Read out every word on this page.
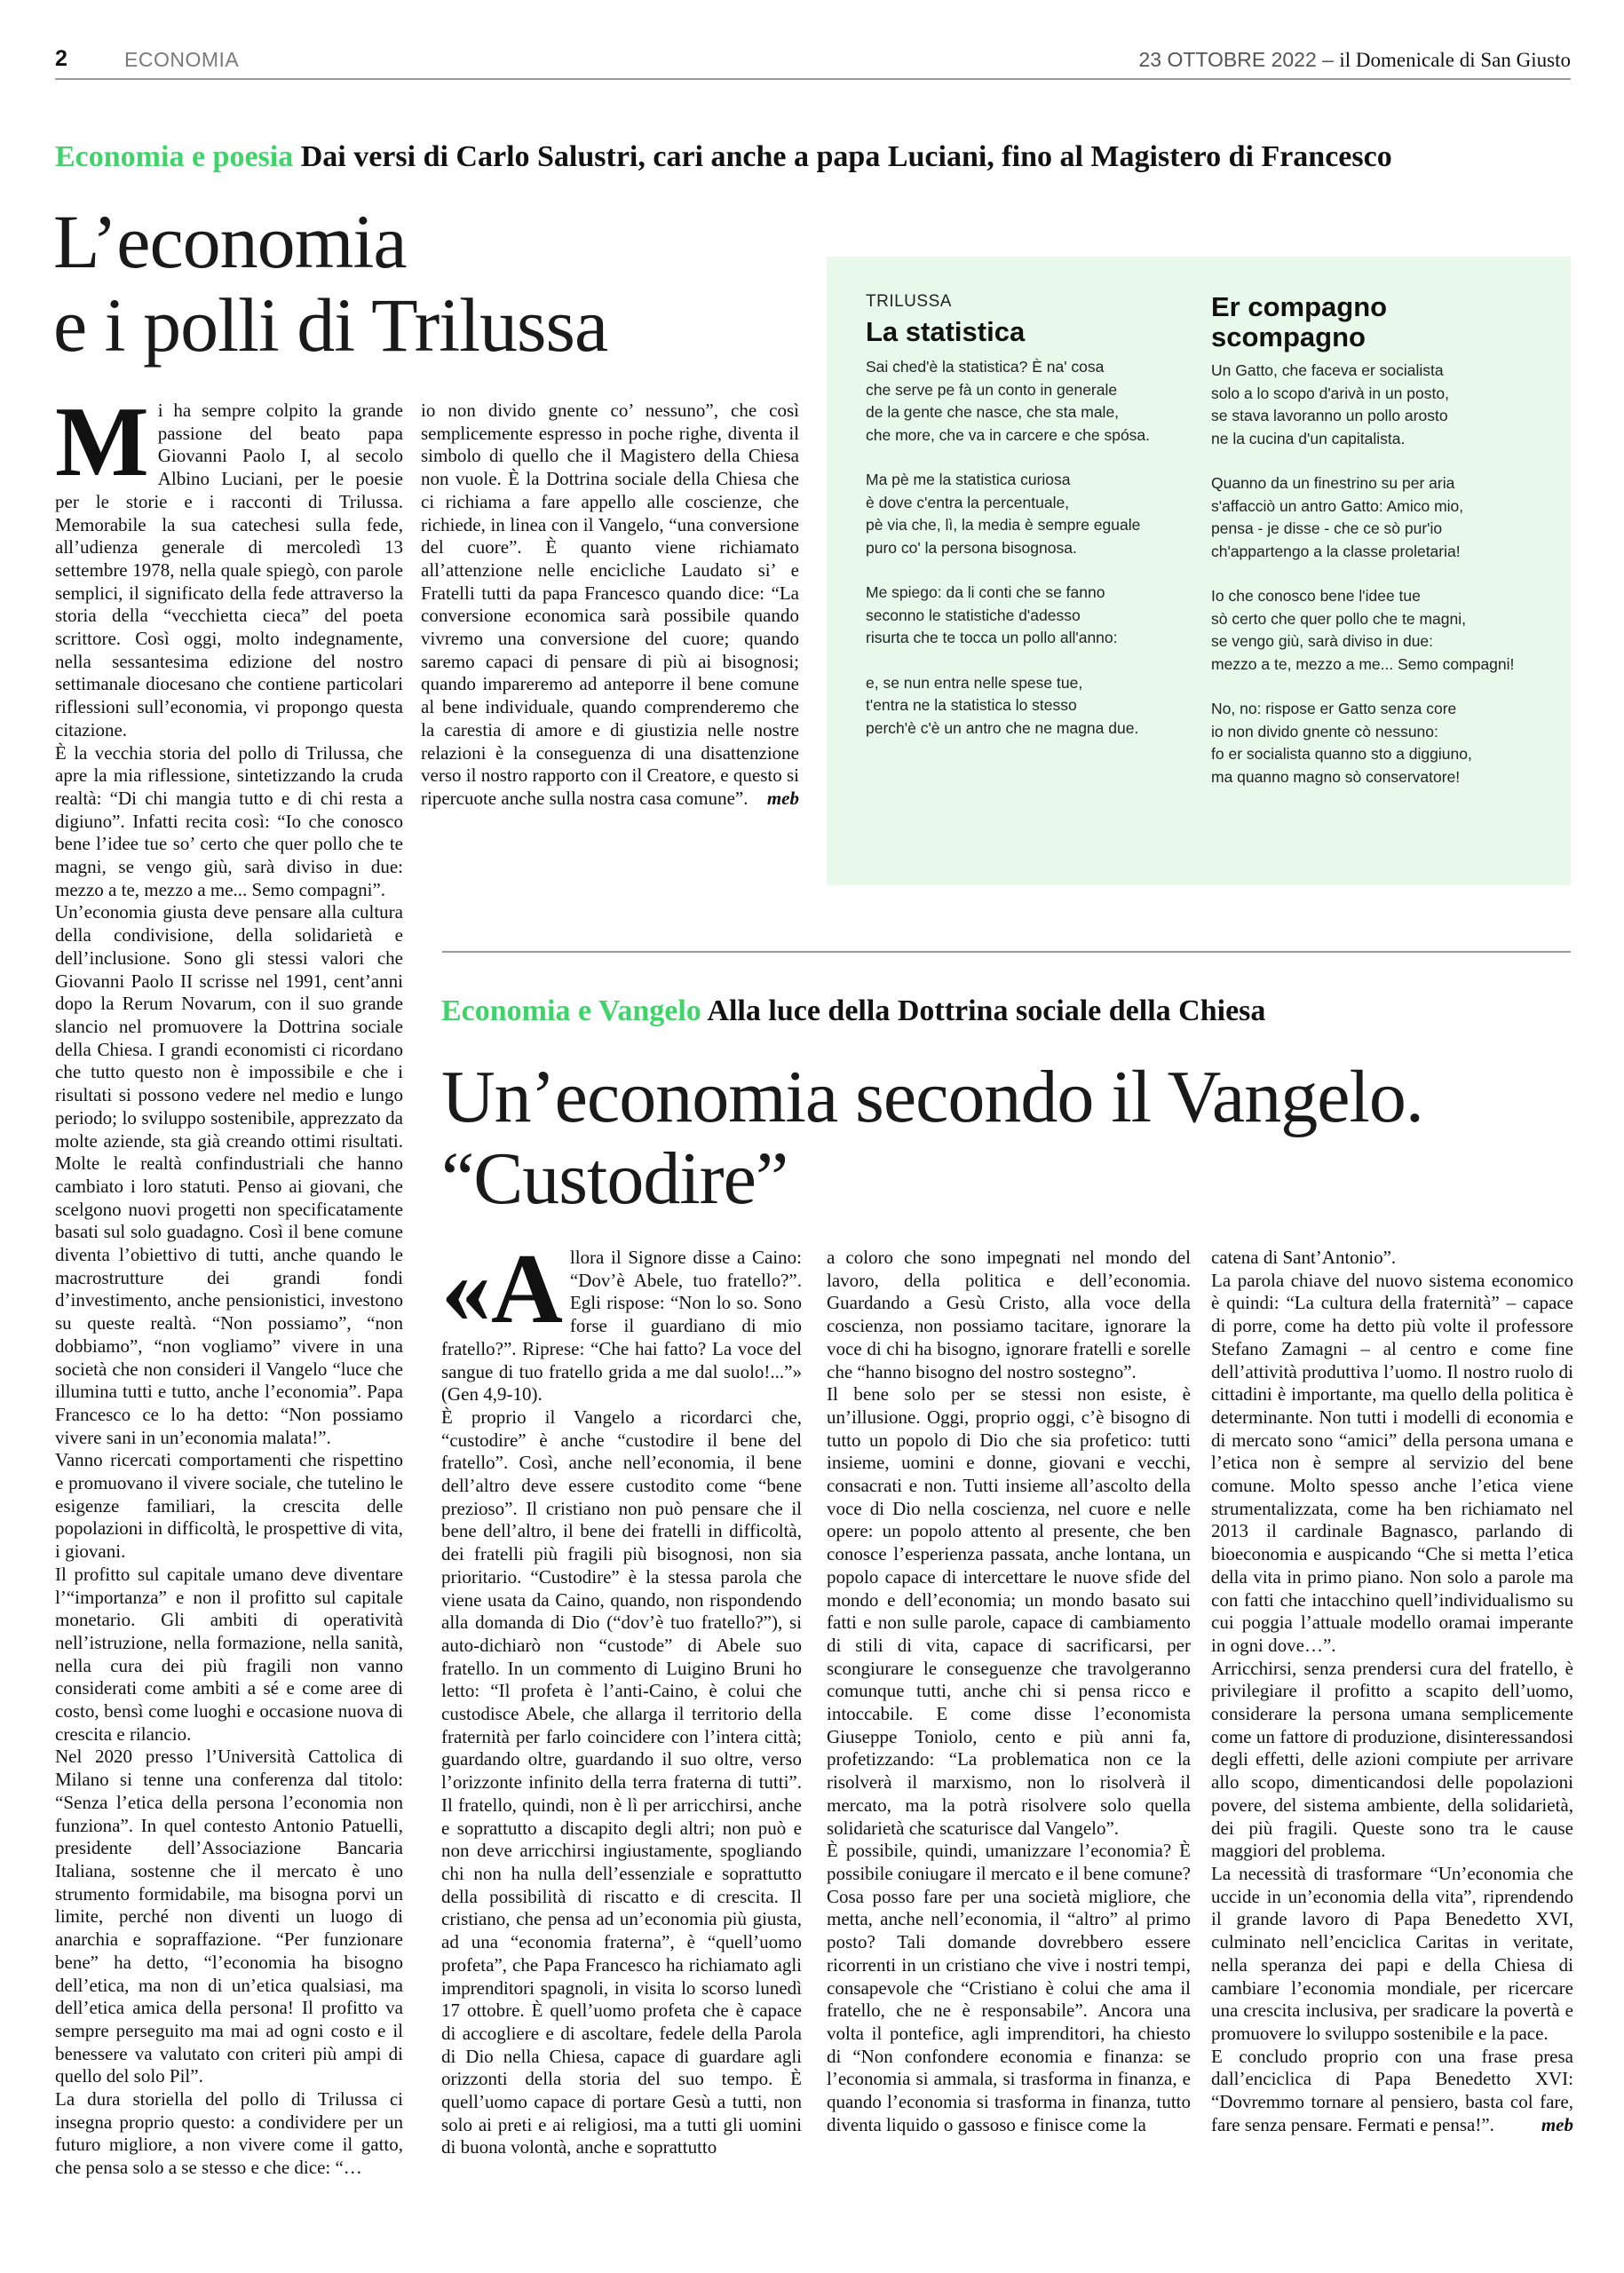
2	ECONOMIA	23 OTTOBRE 2022 – il Domenicale di San Giusto
Economia e poesia Dai versi di Carlo Salustri, cari anche a papa Luciani, fino al Magistero di Francesco
L’economia
e i polli di Trilussa

Mi ha sempre colpito la grande passione del beato papa Giovanni Paolo I, al secolo Albino Luciani, per le poesie per le storie e i racconti di Trilussa. Memorabile la sua catechesi sulla fede, all’udienza generale di mercoledì 13 settembre 1978, nella quale spiegò, con parole semplici, il significato della fede attraverso la storia della “vecchietta cieca” del poeta scrittore. Così oggi, molto indegnamente, nella sessantesima edizione del nostro settimanale diocesano che contiene particolari riflessioni sull’economia, vi propongo questa citazione.

È la vecchia storia del pollo di Trilussa, che apre la mia riflessione, sintetizzando la cruda realtà: “Di chi mangia tutto e di chi resta a digiuno”. Infatti recita così: “Io che conosco bene l’idee tue so’ certo che quer pollo che te magni, se vengo giù, sarà diviso in due: mezzo a te, mezzo a me... Semo compagni”.

Un’economia giusta deve pensare alla cultura della condivisione, della solidarietà e dell’inclusione. Sono gli stessi valori che Giovanni Paolo II scrisse nel 1991, cent’anni dopo la Rerum Novarum, con il suo grande slancio nel promuovere la Dottrina sociale della Chiesa. I grandi economisti ci ricordano che tutto questo non è impossibile e che i risultati si possono vedere nel medio e lungo periodo; lo sviluppo sostenibile, apprezzato da molte aziende, sta già creando ottimi risultati. Molte le realtà confindustriali che hanno cambiato i loro statuti. Penso ai giovani, che scelgono nuovi progetti non specificatamente basati sul solo guadagno. Così il bene comune diventa l’obiettivo di tutti, anche quando le macrostrutture dei grandi fondi d’investimento, anche pensionistici, investono su queste realtà. “Non possiamo”, “non dobbiamo”, “non vogliamo” vivere in una società che non consideri il Vangelo “luce che illumina tutti e tutto, anche l’economia”. Papa Francesco ce lo ha detto: “Non possiamo vivere sani in un’economia malata!”.

Vanno ricercati comportamenti che rispettino e promuovano il vivere sociale, che tutelino le esigenze familiari, la crescita delle popolazioni in difficoltà, le prospettive di vita, i giovani.

Il profitto sul capitale umano deve diventare l’“importanza” e non il profitto sul capitale monetario. Gli ambiti di operatività nell’istruzione, nella formazione, nella sanità, nella cura dei più fragili non vanno considerati come ambiti a sé e come aree di costo, bensì come luoghi e occasione nuova di crescita e rilancio.

Nel 2020 presso l’Università Cattolica di Milano si tenne una conferenza dal titolo: “Senza l’etica della persona l’economia non funziona”. In quel contesto Antonio Patuelli, presidente dell’Associazione Bancaria Italiana, sostenne che il mercato è uno strumento formidabile, ma bisogna porvi un limite, perché non diventi un luogo di anarchia e sopraffazione. “Per funzionare bene” ha detto, “l’economia ha bisogno dell’etica, ma non di un’etica qualsiasi, ma dell’etica amica della persona! Il profitto va sempre perseguito ma mai ad ogni costo e il benessere va valutato con criteri più ampi di quello del solo Pil”.

La dura storiella del pollo di Trilussa ci insegna proprio questo: a condividere per un futuro migliore, a non vivere come il gatto, che pensa solo a se stesso e che dice: “…

io non divido gnente co’ nessuno”, che così semplicemente espresso in poche righe, diventa il simbolo di quello che il Magistero della Chiesa non vuole. È la Dottrina sociale della Chiesa che ci richiama a fare appello alle coscienze, che richiede, in linea con il Vangelo, “una conversione del cuore”. È quanto viene richiamato all’attenzione nelle encicliche Laudato si’ e Fratelli tutti da papa Francesco quando dice: “La conversione economica sarà possibile quando vivremo una conversione del cuore; quando saremo capaci di pensare di più ai bisognosi; quando impareremo ad anteporre il bene comune al bene individuale, quando comprenderemo che la carestia di amore e di giustizia nelle nostre relazioni è la conseguenza di una disattenzione verso il nostro rapporto con il Creatore, e questo si ripercuote anche sulla nostra casa comune”. meb

TRILUSSA
La statistica
Sai ched'è la statistica? È na' cosa
che serve pe fà un conto in generale
de la gente che nasce, che sta male,
che more, che va in carcere e che spósa.
Ma pè me la statistica curiosa
è dove c'entra la percentuale,
pè via che, lì, la media è sempre eguale
puro co' la persona bisognosa.
Me spiego: da li conti che se fanno
seconno le statistiche d'adesso
risurta che te tocca un pollo all'anno:
e, se nun entra nelle spese tue,
t'entra ne la statistica lo stesso
perch'è c'è un antro che ne magna due.
Er compagno
scompagno
Un Gatto, che faceva er socialista
solo a lo scopo d'arivà in un posto,
se stava lavoranno un pollo arosto
ne la cucina d'un capitalista.
Quanno da un finestrino su per aria
s'affacciò un antro Gatto: Amico mio,
pensa - je disse - che ce sò pur'io
ch'appartengo a la classe proletaria!
Io che conosco bene l'idee tue
sò certo che quer pollo che te magni,
se vengo giù, sarà diviso in due:
mezzo a te, mezzo a me... Semo compagni!
No, no: rispose er Gatto senza core
io non divido gnente cò nessuno:
fo er socialista quanno sto a diggiuno,
ma quanno magno sò conservatore!
Economia e Vangelo Alla luce della Dottrina sociale della Chiesa
Un’economia secondo il Vangelo.
“Custodire”

«Allora il Signore disse a Caino: “Dov’è Abele, tuo fratello?”. Egli rispose: “Non lo so. Sono forse il guardiano di mio fratello?”. Riprese: “Che hai fatto? La voce del sangue di tuo fratello grida a me dal suolo!...”» (Gen 4,9-10).

È proprio il Vangelo a ricordarci che, “custodire” è anche “custodire il bene del fratello”. Così, anche nell’economia, il bene dell’altro deve essere custodito come “bene prezioso”. Il cristiano non può pensare che il bene dell’altro, il bene dei fratelli in difficoltà, dei fratelli più fragili più bisognosi, non sia prioritario. “Custodire” è la stessa parola che viene usata da Caino, quando, non rispondendo alla domanda di Dio (“dov’è tuo fratello?”), si auto-dichiarò non “custode” di Abele suo fratello. In un commento di Luigino Bruni ho letto: “Il profeta è l’anti-Caino, è colui che custodisce Abele, che allarga il territorio della fraternità per farlo coincidere con l’intera città; guardando oltre, guardando il suo oltre, verso l’orizzonte infinito della terra fraterna di tutti”. Il fratello, quindi, non è lì per arricchirsi, anche e soprattutto a discapito degli altri; non può e non deve arricchirsi ingiustamente, spogliando chi non ha nulla dell’essenziale e soprattutto della possibilità di riscatto e di crescita. Il cristiano, che pensa ad un’economia più giusta, ad una “economia fraterna”, è “quell’uomo profeta”, che Papa Francesco ha richiamato agli imprenditori spagnoli, in visita lo scorso lunedì 17 ottobre. È quell’uomo profeta che è capace di accogliere e di ascoltare, fedele della Parola di Dio nella Chiesa, capace di guardare agli orizzonti della storia del suo tempo. È quell’uomo capace di portare Gesù a tutti, non solo ai preti e ai religiosi, ma a tutti gli uomini di buona volontà, anche e soprattutto

a coloro che sono impegnati nel mondo del lavoro, della politica e dell’economia. Guardando a Gesù Cristo, alla voce della coscienza, non possiamo tacitare, ignorare la voce di chi ha bisogno, ignorare fratelli e sorelle che “hanno bisogno del nostro sostegno”.

Il bene solo per se stessi non esiste, è un’illusione. Oggi, proprio oggi, c’è bisogno di tutto un popolo di Dio che sia profetico: tutti insieme, uomini e donne, giovani e vecchi, consacrati e non. Tutti insieme all’ascolto della voce di Dio nella coscienza, nel cuore e nelle opere: un popolo attento al presente, che ben conosce l’esperienza passata, anche lontana, un popolo capace di intercettare le nuove sfide del mondo e dell’economia; un mondo basato sui fatti e non sulle parole, capace di cambiamento di stili di vita, capace di sacrificarsi, per scongiurare le conseguenze che travolgeranno comunque tutti, anche chi si pensa ricco e intoccabile. E come disse l’economista Giuseppe Toniolo, cento e più anni fa, profetizzando: “La problematica non ce la risolverà il marxismo, non lo risolverà il mercato, ma la potrà risolvere solo quella solidarietà che scaturisce dal Vangelo”.

È possibile, quindi, umanizzare l’economia? È possibile coniugare il mercato e il bene comune? Cosa posso fare per una società migliore, che metta, anche nell’economia, il “altro” al primo posto? Tali domande dovrebbero essere ricorrenti in un cristiano che vive i nostri tempi, consapevole che “Cristiano è colui che ama il fratello, che ne è responsabile”. Ancora una volta il pontefice, agli imprenditori, ha chiesto di “Non confondere economia e finanza: se l’economia si ammala, si trasforma in finanza, e quando l’economia si trasforma in finanza, tutto diventa liquido o gassoso e finisce come la

catena di Sant’Antonio”.

La parola chiave del nuovo sistema economico è quindi: “La cultura della fraternità” – capace di porre, come ha detto più volte il professore Stefano Zamagni – al centro e come fine dell’attività produttiva l’uomo. Il nostro ruolo di cittadini è importante, ma quello della politica è determinante. Non tutti i modelli di economia e di mercato sono “amici” della persona umana e l’etica non è sempre al servizio del bene comune. Molto spesso anche l’etica viene strumentalizzata, come ha ben richiamato nel 2013 il cardinale Bagnasco, parlando di bioeconomia e auspicando “Che si metta l’etica della vita in primo piano. Non solo a parole ma con fatti che intacchino quell’individualismo su cui poggia l’attuale modello oramai imperante in ogni dove…”.

Arricchirsi, senza prendersi cura del fratello, è privilegiare il profitto a scapito dell’uomo, considerare la persona umana semplicemente come un fattore di produzione, disinteressandosi degli effetti, delle azioni compiute per arrivare allo scopo, dimenticandosi delle popolazioni povere, del sistema ambiente, della solidarietà, dei più fragili. Queste sono tra le cause maggiori del problema.

La necessità di trasformare “Un’economia che uccide in un’economia della vita”, riprendendo il grande lavoro di Papa Benedetto XVI, culminato nell’enciclica Caritas in veritate, nella speranza dei papi e della Chiesa di cambiare l’economia mondiale, per ricercare una crescita inclusiva, per sradicare la povertà e promuovere lo sviluppo sostenibile e la pace.

E concludo proprio con una frase presa dall’enciclica di Papa Benedetto XVI: “Dovremmo tornare al pensiero, basta col fare, fare senza pensare. Fermati e pensa!”.	meb
